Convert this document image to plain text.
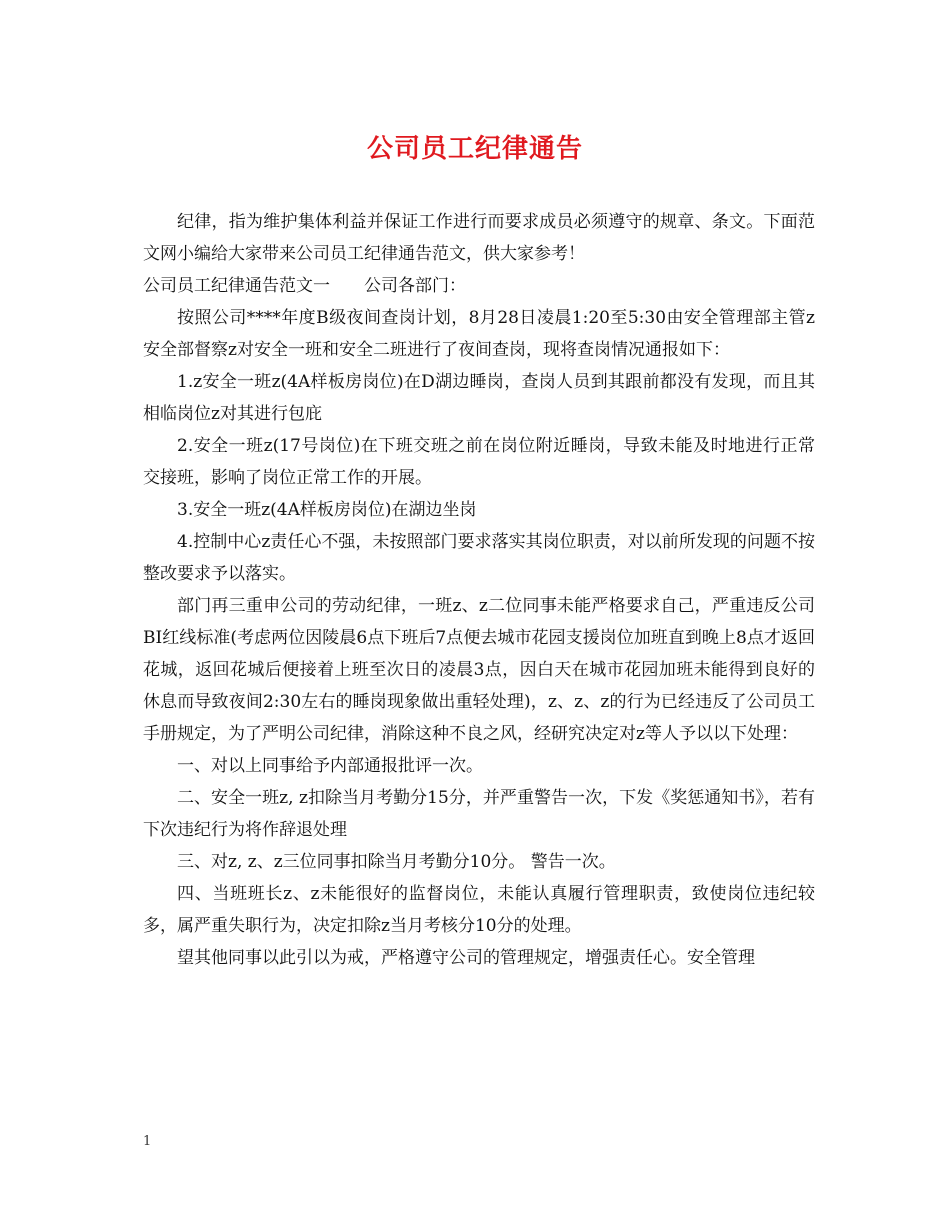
公司员工纪律通告

纪律，指为维护集体利益并保证工作进行而要求成员必须遵守的规章、条文。下面范文网小编给大家带来公司员工纪律通告范文，供大家参考！

公司员工纪律通告范文一　　公司各部门：

按照公司****年度B级夜间查岗计划，8月28日凌晨1:20至5:30由安全管理部主管z安全部督察z对安全一班和安全二班进行了夜间查岗，现将查岗情况通报如下：

1.z安全一班z(4A样板房岗位)在D湖边睡岗，查岗人员到其跟前都没有发现，而且其相临岗位z对其进行包庇

2.安全一班z(17号岗位)在下班交班之前在岗位附近睡岗，导致未能及时地进行正常交接班，影响了岗位正常工作的开展。

3.安全一班z(4A样板房岗位)在湖边坐岗

4.控制中心z责任心不强，未按照部门要求落实其岗位职责，对以前所发现的问题不按整改要求予以落实。

部门再三重申公司的劳动纪律，一班z、z二位同事未能严格要求自己，严重违反公司BI红线标准(考虑两位因陵晨6点下班后7点便去城市花园支援岗位加班直到晚上8点才返回花城，返回花城后便接着上班至次日的凌晨3点，因白天在城市花园加班未能得到良好的休息而导致夜间2:30左右的睡岗现象做出重轻处理)，z、z、z的行为已经违反了公司员工手册规定，为了严明公司纪律，消除这种不良之风，经研究决定对z等人予以以下处理：

一、对以上同事给予内部通报批评一次。

二、安全一班z, z扣除当月考勤分15分，并严重警告一次，下发《奖惩通知书》，若有下次违纪行为将作辞退处理

三、对z, z、z三位同事扣除当月考勤分10分。 警告一次。

四、当班班长z、z未能很好的监督岗位，未能认真履行管理职责，致使岗位违纪较多，属严重失职行为，决定扣除z当月考核分10分的处理。

望其他同事以此引以为戒，严格遵守公司的管理规定，增强责任心。安全管理

1
